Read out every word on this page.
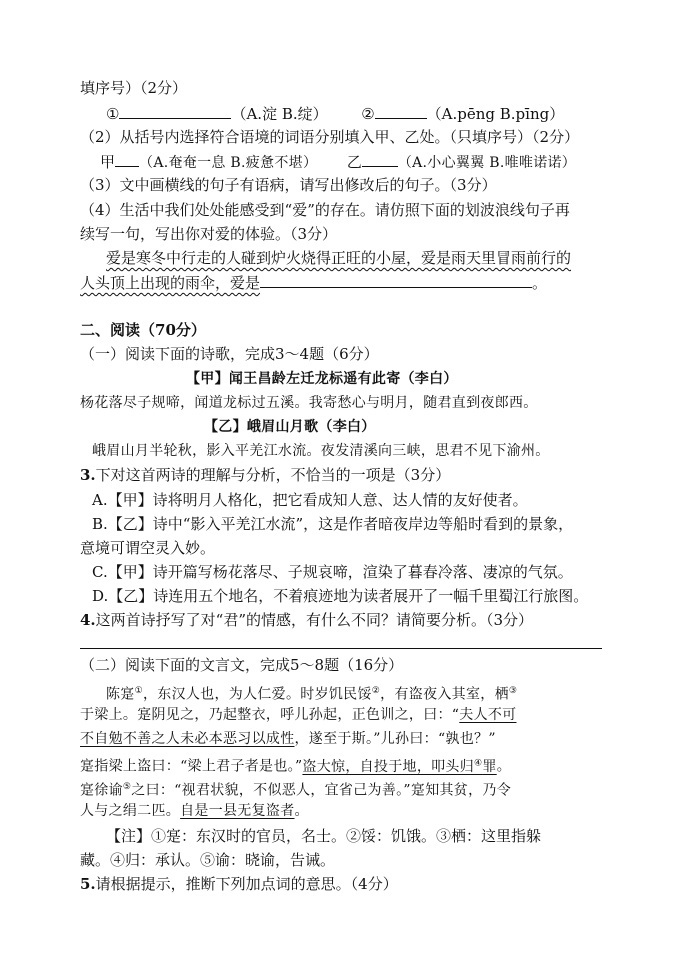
填序号）（2分）
①	（A.淀 B.绽） ②	（A.pēng B.pīng）
（2）从括号内选择符合语境的词语分别填入甲、乙处。（只填序号）（2分）
甲 （A.奄奄一息 B.疲惫不堪） 乙	（A.小心翼翼 B.唯唯诺诺）
（3）文中画横线的句子有语病，请写出修改后的句子。（3分）
（4）生活中我们处处能感受到“爱”的存在。请仿照下面的划波浪线句子再
续写一句，写出你对爱的体验。（3分）
爱是寒冬中行走的人碰到炉火烧得正旺的小屋，爱是雨天里冒雨前行的
人头顶上出现的雨伞，爱是	。
二、阅读（70分）
（一）阅读下面的诗歌，完成3～4题（6分）
【甲】闻王昌龄左迁龙标遥有此寄（李白）
杨花落尽子规啼，闻道龙标过五溪。我寄愁心与明月，随君直到夜郎西。
【乙】峨眉山月歌（李白）
峨眉山月半轮秋，影入平羌江水流。夜发清溪向三峡，思君不见下渝州。
3.下对这首两诗的理解与分析，不恰当的一项是（3分）
A.【甲】诗将明月人格化，把它看成知人意、达人情的友好使者。
B.【乙】诗中“影入平羌江水流”，这是作者暗夜岸边等船时看到的景象，
意境可谓空灵入妙。
C.【甲】诗开篇写杨花落尽、子规哀啼，渲染了暮春冷落、凄凉的气氛。
D.【乙】诗连用五个地名，不着痕迹地为读者展开了一幅千里蜀江行旅图。
4.这两首诗抒写了对“君”的情感，有什么不同？请简要分析。（3分）
（二）阅读下面的文言文，完成5～8题（16分）
陈寔①，东汉人也，为人仁爱。时岁饥民馁②，有盗夜入其室，栖③
于梁上。寔阴见之，乃起整衣，呼儿孙起，正色训之，曰：“夫人不可
不自勉不善之人未必本恶习以成性，遂至于斯。”儿孙曰：“孰也？”
寔指梁上盗曰：“梁上君子者是也。”盗大惊，自投于地，叩头归④罪。
寔徐谕⑤之曰：“视君状貌，不似恶人，宜省己为善。”寔知其贫，乃令
人与之绢二匹。自是一县无复盗者。
【注】①寔：东汉时的官员，名士。②馁：饥饿。③栖：这里指躲
藏。④归：承认。⑤谕：晓谕，告诫。
5.请根据提示，推断下列加点词的意思。（4分）
